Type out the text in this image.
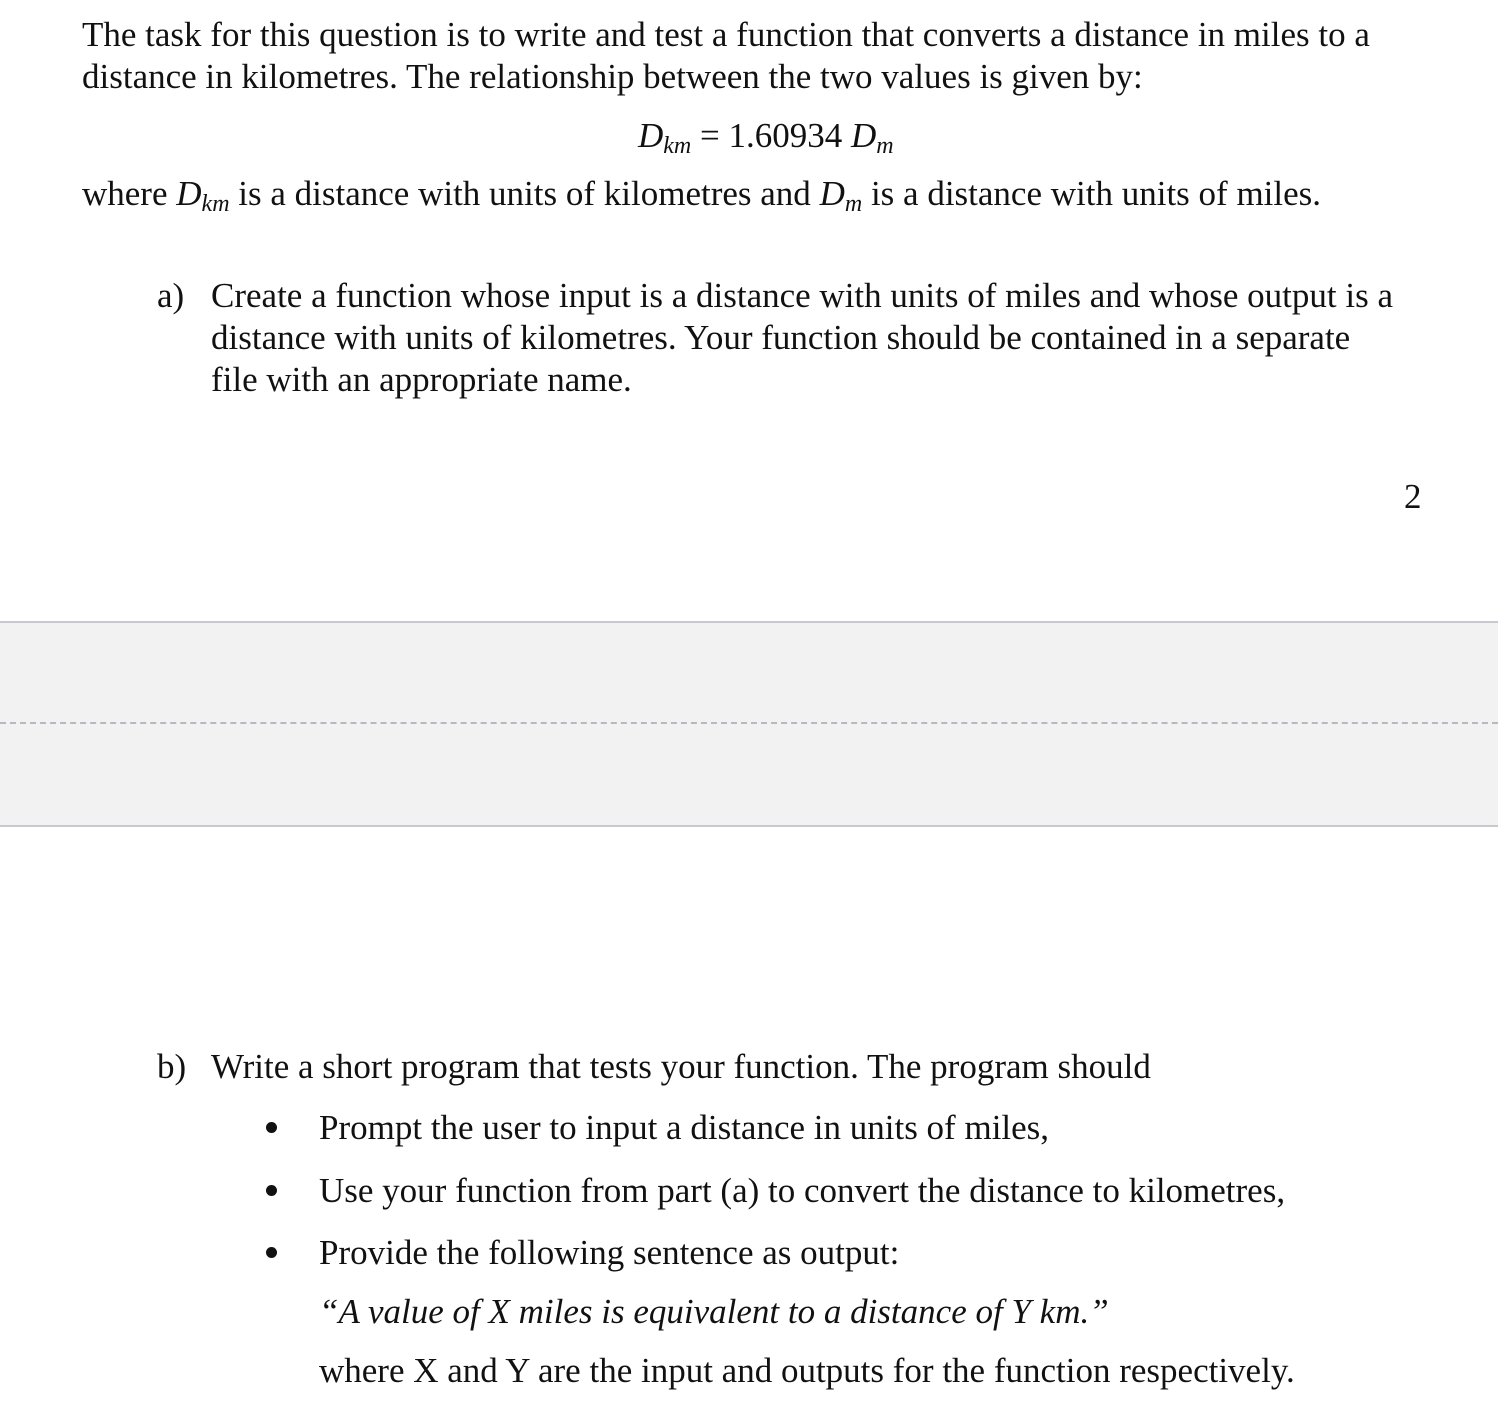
The task for this question is to write and test a function that converts a distance in miles to a
distance in kilometres. The relationship between the two values is given by:
Dkm = 1.60934 Dm
where Dkm is a distance with units of kilometres and Dm is a distance with units of miles.
a) Create a function whose input is a distance with units of miles and whose output is a
distance with units of kilometres. Your function should be contained in a separate
file with an appropriate name.
2
b) Write a short program that tests your function. The program should
Prompt the user to input a distance in units of miles,
Use your function from part (a) to convert the distance to kilometres,
Provide the following sentence as output:
“A value of X miles is equivalent to a distance of Y km.”
where X and Y are the input and outputs for the function respectively.
